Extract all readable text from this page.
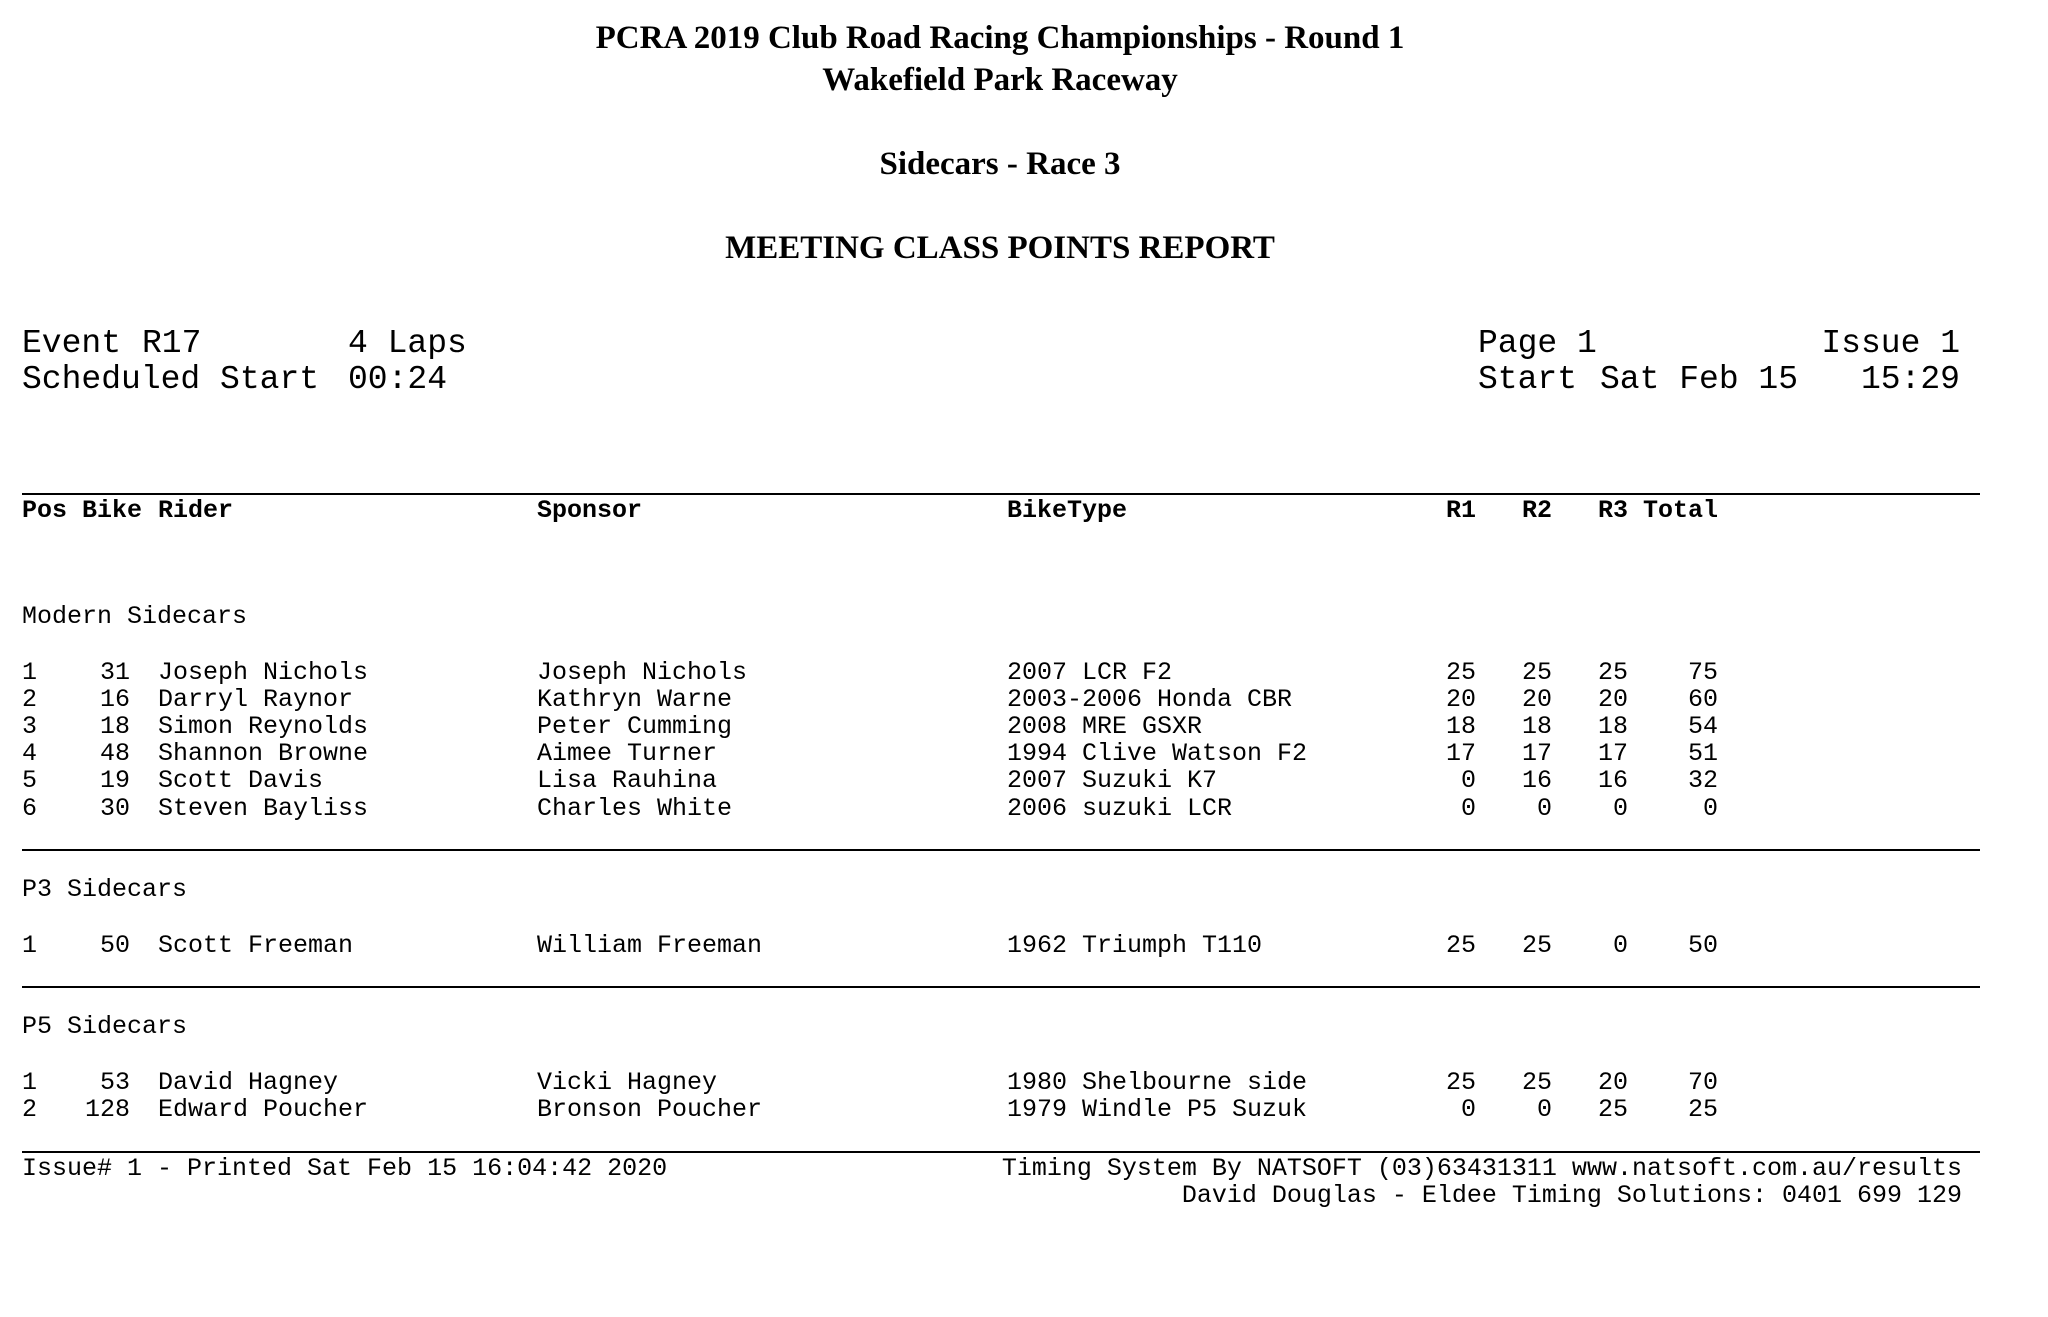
PCRA 2019 Club Road Racing Championships - Round 1
Wakefield Park Raceway
Sidecars - Race 3
MEETING CLASS POINTS REPORT
Event R17	4 Laps
Scheduled Start 00:24
Page 1	Issue 1
Start Sat Feb 15	15:29
Pos Bike Rider	Sponsor	BikeType	R1	R2	R3 Total
Modern Sidecars
P3 Sidecars
P5 Sidecars
1	31 Joseph Nichols	Joseph Nichols	2007 LCR F2	25	25	25	75
2	16 Darryl Raynor	Kathryn Warne	2003-2006 Honda CBR	20	20	20	60
3	18 Simon Reynolds	Peter Cumming	2008 MRE GSXR	18	18	18	54
4	48 Shannon Browne	Aimee Turner	1994 Clive Watson F2	17	17	17	51
5	19 Scott Davis	Lisa Rauhina	2007 Suzuki K7	0	16	16	32
6	30 Steven Bayliss	Charles White	2006 suzuki LCR	0	0	0	0
1	50 Scott Freeman	William Freeman	1962 Triumph T110	25	25	0	50
1	53 David Hagney	Vicki Hagney	1980 Shelbourne side	25	25	20	70
2	128 Edward Poucher	Bronson Poucher	1979 Windle P5 Suzuk	0	0	25	25
Issue# 1 - Printed Sat Feb 15 16:04:42 2020	Timing System By NATSOFT (03)63431311 www.natsoft.com.au/results
David Douglas - Eldee Timing Solutions: 0401 699 129
